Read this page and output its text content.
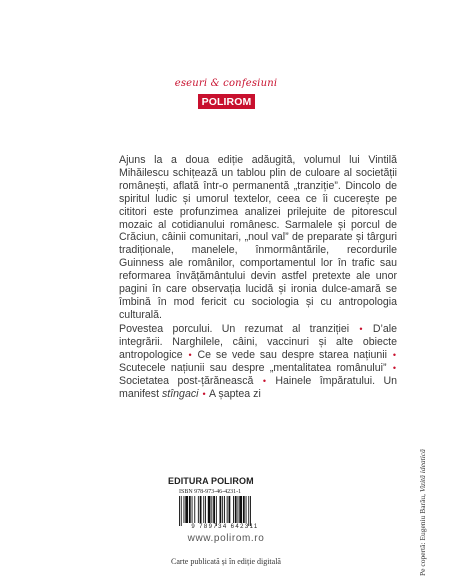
eseuri & confesiuni
POLIROM

Ajuns la a doua ediție adăugită, volumul lui Vintilă Mihăilescu schițează un tablou plin de culoare al societății românești, aflată într-o permanentă „tranziție”. Dincolo de spiritul ludic și umorul textelor, ceea ce îi cucerește pe cititori este profunzimea analizei prilejuite de pitorescul mozaic al cotidianului românesc. Sarmalele și porcul de Crăciun, câinii comunitari, „noul val” de preparate și târguri tradiționale, manelele, înmormântările, recordurile Guinness ale românilor, comportamentul lor în trafic sau reformarea învățământului devin astfel pretexte ale unor pagini în care observația lucidă și ironia dulce-amară se îmbină în mod fericit cu sociologia și cu antropologia culturală.

Povestea porcului. Un rezumat al tranziției • D’ale integrării. Narghilele, câini, vaccinuri și alte obiecte antropologice • Ce se vede sau despre starea națiunii • Scutecele națiunii sau despre „mentalitatea românului” • Societatea post-țărănească • Hainele împăratului. Un manifest stîngaci • A șaptea zi

EDITURA POLIROM
ISBN 978-973-46-4231-1
9 789734 642311
www.polirom.ro
Carte publicată și în ediție digitală	Pe copertă: Eugeniu Barău, Vizită ideatică
